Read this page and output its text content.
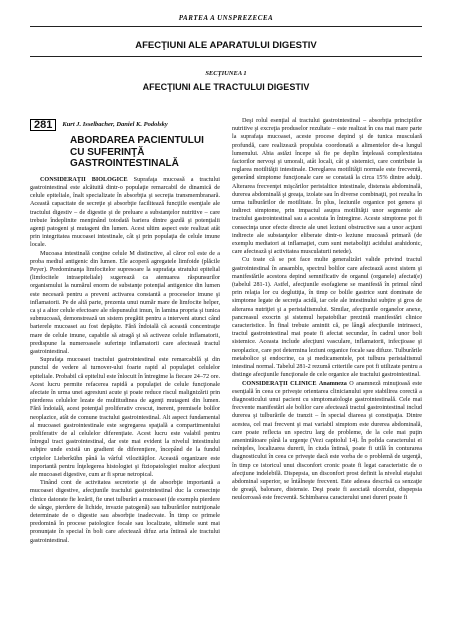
PARTEA A UNSPREZECEA
AFECŢIUNI ALE APARATULUI DIGESTIV
SECŢIUNEA 1
AFECŢIUNI ALE TRACTULUI DIGESTIV
281	Kurt J. Isselbacher, Daniel K. Podolsky
ABORDAREA PACIENTULUI
CU SUFERINŢĂ
GASTROINTESTINALĂ

CONSIDERAŢII BIOLOGICE Suprafaţa mucoasă a tractului gastrointestinal este alcătuită dintr-o populaţie remarcabil de dinamică de celule epiteliale, înalt specializate în absorbţia şi secreţia transmembranară. Această capacitate de secreţie şi absorbţie facilitează funcţiile esenţiale ale tractului digestiv – de digestie şi de preluare a substanţelor nutritive – care trebuie îndeplinite menţinând totodată bariera dintre gazdă şi potenţialii agenţi patogeni şi mutageni din lumen. Acest ultim aspect este realizat atât prin integritatea mucoasei intestinale, cât şi prin populaţia de celule imune locale.

Mucoasa intestinală conţine celule M distinctive, al căror rol este de a proba mediul antigenic din lumen. Ele acoperă agregatele limfoide (plăcile Peyer). Predominanţa limfocitelor supresoare la suprafaţa stratului epitelial (limfocitele intraepiteliale) sugerează ca atenuarea răspunsurilor organismului la numărul enorm de substanţe potenţial antigenice din lumen este necesară pentru a preveni activarea constantă a proceselor imune şi inflamatorii. Pe de altă parte, prezenta unui număr mare de limfocite helper, ca şi a altor celule efectoare ale răspunsului imun, în lamina propria şi tunica submucoasă, demonstrează un sistem pregătit pentru a interveni atunci când barierele mucoasei au fost depăşite. Fără îndoială că această concentraţie mare de celule imune, capabile să atragă şi să activeze celule inflamatorii, predispune la numeroasele suferinţe inflamatorii care afectează tractul gastrointestinal.

Suprafaţa mucoasei tractului gastrointestinal este remarcabilă şi din punctul de vedere al turnover-ului foarte rapid al populaţiei celulelor epiteliale. Probabil că epiteliul este înlocuit în întregime la fiecare 24–72 ore. Acest lucru permite refacerea rapidă a populaţiei de celule funcţionale afectate în urma unei agresiuni acute şi poate reduce riscul malignizării prin pierderea celulelor lezate de multitudinea de agenţi mutageni din lumen. Fără îndoială, acest potenţial proliferativ crescut, inerent, premisele bolilor neoplazice, atât de comune tractului gastrointestinal. Alt aspect fundamental al mucoasei gastrointestinale este segregarea spaţială a compartimentului proliferativ de al celulelor diferenţiate. Acest lucru este valabil pentru întregul tract gastrointestinal, dar este mai evident la nivelul intestinului subţire unde există un gradient de diferenţiere, începând de la fundul criptelor Lieberkühn până la vârful vilozităţilor. Această organizare este importantă pentru înţelegerea histologiei şi fiziopatologiei multor afecţiuni ale mucoasei digestive, cum ar fi sprue netropical.

Tinând cont de activitatea secretorie şi de absorbţie importantă a mucoasei digestive, afecţiunile tractului gastrointestinal duc la consecinţe clinice datorate fie lezării, fie unei tulburări a mucoasei (de exemplu pierdere de sânge, pierdere de lichide, invazie patogenă) sau tulburărilor nutriţionale determinate de o digestie sau absorbţie inadecvate. În timp ce primele predomină în procese patologice focale sau localizate, ultimele sunt mai pronunţate în special în boli care afectează difuz aria întinsă ale tractului gastrointestinal.

Deşi rolul esenţial al tractului gastrointestinal – absorbţia principiilor nutritive şi excreţia produselor rezultate – este realizat în cea mai mare parte la suprafaţa mucoasei, aceste procese depind şi de tunica musculară profundă, care realizează propulsia coordonată a alimentelor de-a lungul lumenului. Abia astăzi începe să fie pe deplin înţeleasă complexitatea factorilor nervoşi şi umorali, atât locali, cât şi sistemici, care contribuie la reglarea motilităţii intestinale. Dereglarea motilităţii normale este frecventă, generând simptome funcţionale care se constată la circa 15% dintre adulţi. Alterarea frecvenţei mişcărilor peristaltice intestinale, distensia abdominală, durerea abdominală şi greaţa, izolate sau în diverse combinaţii, pot rezulta în urma tulburărilor de motilitate. În plus, leziunile organice pot genera şi indirect simptome, prin impactul asupra motilităţii unor segmente ale tractului gastrointestinal sau a acestuia în întregime. Aceste simptome pot fi consecinţa unor efecte directe ale unei leziuni obstructive sau a unor acţiuni indirecte ale substanţelor eliberate dintr-o leziune mucoasă primară (de exemplu mediatori ai inflamaţiei, cum sunt metaboliţii acidului arahidonic, care afectează şi activitatea musculaturii netede).

Cu toate că se pot face multe generalizări valide privind tractul gastrointestinal în ansamblu, spectrul bolilor care afectează acest sistem şi manifestările acestora depind semnificativ de organul (organele) afectat(e) (tabelul 281-1). Astfel, afecţiunile esofagiene se manifestă în primul rând prin relaţia lor cu deglutiţia, în timp ce bolile gastrice sunt dominate de simptome legate de secreţia acidă, iar cele ale intestinului subţire şi gros de alterarea nutriţiei şi a peristaltismului. Similar, afecţiunile organelor anexe, pancreasul exocrin şi sistemul hepatobiliar prezintă manifestări clinice caracteristice. În final trebuie amintit că, pe lângă afecţiunile intrinseci, tractul gastrointestinal mai poate fi afectat secundar, în cadrul unor boli sistemice. Aceasta include afecţiuni vasculare, inflamatorii, infecţioase şi neoplazice, care pot determina leziuni organice focale sau difuze. Tulburările metabolice şi endocrine, ca şi medicamentele, pot tulbura peristaltismul intestinal normal. Tabelul 281-2 rezumă criteriile care pot fi utilizate pentru a distinge afecţiunile funcţionale de cele organice ale tractului gastrointestinal.

CONSIDERAŢII CLINICE Anamneza O anamneză minuţioasă este esenţială în ceea ce priveşte orientarea clinicianului spre stabilirea corectă a diagnosticului unui pacient cu simptomatologie gastrointestinală. Cele mai frecvente manifestări ale bolilor care afectează tractul gastrointestinal includ durerea şi tulburările de tranzit – în special diareea şi constipaţia. Dintre acestea, cel mai frecvent şi mai variabil simptom este durerea abdominală, care poate reflecta un spectru larg de probleme, de la cele mai puţin amenintătoare până la urgenţe (Vezi capitolul 14). În pofida caracterului ei neînţeles, localizarea durerii, în ciuda întinsă, poate fi utilă în conturarea diagnosticului în ceea ce priveşte dacă este vorba de o problemă de urgenţă, în timp ce istoricul unui disconfort cronic poate fi legat caracteristic de o afecţiune indelebilă. Dispepsia, un disconfort prost definit la nivelul etajului abdominal superior, se întâlneşte frecvent. Este adesea descrisă ca senzaţie de greaţă, balonare, distensie. Deşi poate fi asociată ulcerului, dispepsia neulceroasă este frecventă. Schimbarea caracterului unei dureri poate fi
